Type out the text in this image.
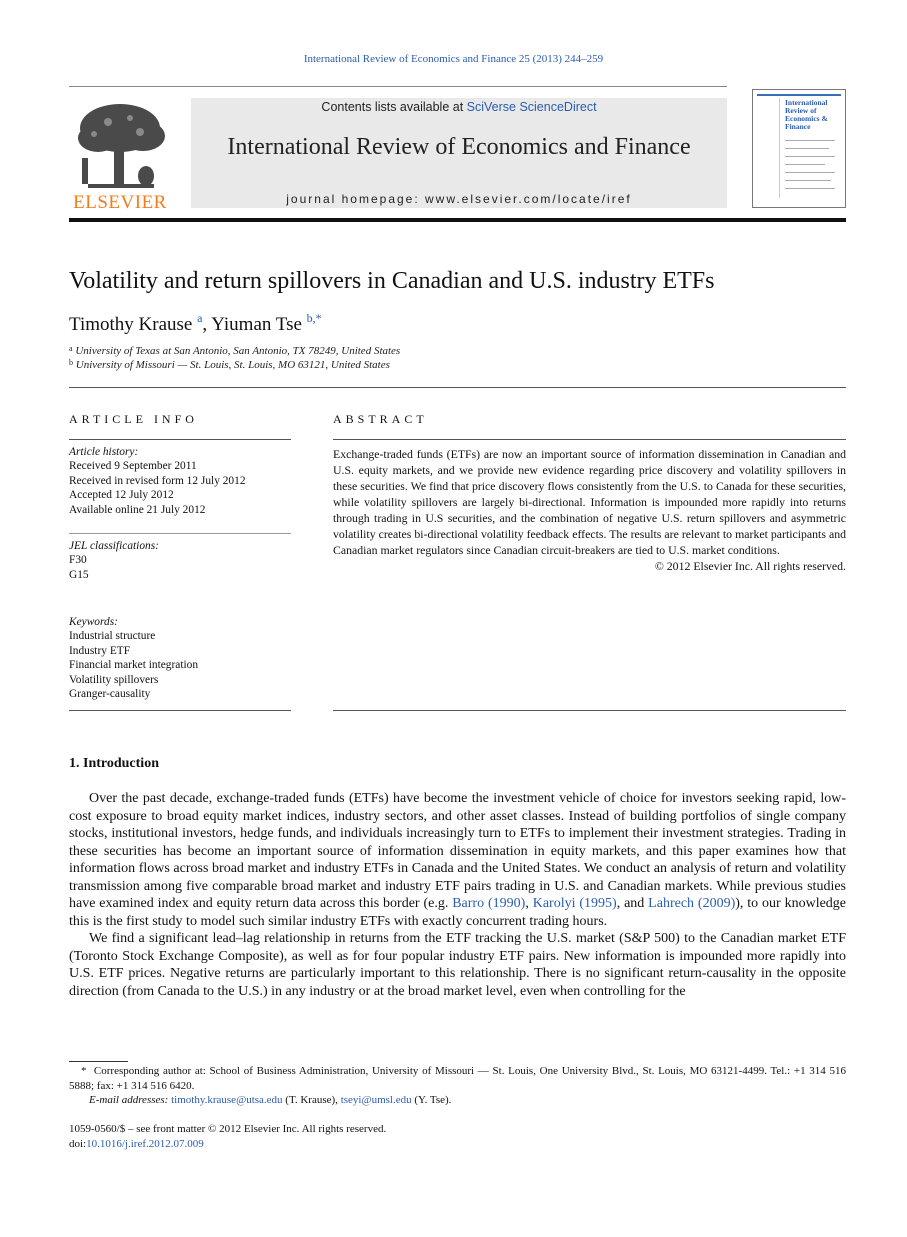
International Review of Economics and Finance 25 (2013) 244–259
ELSEVIER
Contents lists available at SciVerse ScienceDirect
International Review of Economics and Finance
journal homepage: www.elsevier.com/locate/iref
International Review of Economics & Finance
Volatility and return spillovers in Canadian and U.S. industry ETFs
Timothy Krause $^a$, Yiuman Tse $^{b,*}$
$^a$ University of Texas at San Antonio, San Antonio, TX 78249, United States
$^b$ University of Missouri — St. Louis, St. Louis, MO 63121, United States
ARTICLE INFO
Article history:
Received 9 September 2011
Received in revised form 12 July 2012
Accepted 12 July 2012
Available online 21 July 2012
JEL classifications:
F30
G15
Keywords:
Industrial structure
Industry ETF
Financial market integration
Volatility spillovers
Granger-causality
ABSTRACT
Exchange-traded funds (ETFs) are now an important source of information dissemination in Canadian and U.S. equity markets, and we provide new evidence regarding price discovery and volatility spillovers in these securities. We find that price discovery flows consistently from the U.S. to Canada for these securities, while volatility spillovers are largely bi-directional. Information is impounded more rapidly into returns through trading in U.S securities, and the combination of negative U.S. return spillovers and asymmetric volatility creates bi-directional volatility feedback effects. The results are relevant to market participants and Canadian market regulators since Canadian circuit-breakers are tied to U.S. market conditions.
© 2012 Elsevier Inc. All rights reserved.
1. Introduction

Over the past decade, exchange-traded funds (ETFs) have become the investment vehicle of choice for investors seeking rapid, low-cost exposure to broad equity market indices, industry sectors, and other asset classes. Instead of building portfolios of single company stocks, institutional investors, hedge funds, and individuals increasingly turn to ETFs to implement their investment strategies. Trading in these securities has become an important source of information dissemination in equity markets, and this paper examines how that information flows across broad market and industry ETFs in Canada and the United States. We conduct an analysis of return and volatility transmission among five comparable broad market and industry ETF pairs trading in U.S. and Canadian markets. While previous studies have examined index and equity return data across this border (e.g. Barro (1990), Karolyi (1995), and Lahrech (2009)), to our knowledge this is the first study to model such similar industry ETFs with exactly concurrent trading hours.

We find a significant lead–lag relationship in returns from the ETF tracking the U.S. market (S&P 500) to the Canadian market ETF (Toronto Stock Exchange Composite), as well as for four popular industry ETF pairs. New information is impounded more rapidly into U.S. ETF prices. Negative returns are particularly important to this relationship. There is no significant return-causality in the opposite direction (from Canada to the U.S.) in any industry or at the broad market level, even when controlling for the

* Corresponding author at: School of Business Administration, University of Missouri — St. Louis, One University Blvd., St. Louis, MO 63121-4499. Tel.: +1 314 516 5888; fax: +1 314 516 6420.
E-mail addresses: timothy.krause@utsa.edu (T. Krause), tseyi@umsl.edu (Y. Tse).
1059-0560/$ – see front matter © 2012 Elsevier Inc. All rights reserved.
doi:10.1016/j.iref.2012.07.009
